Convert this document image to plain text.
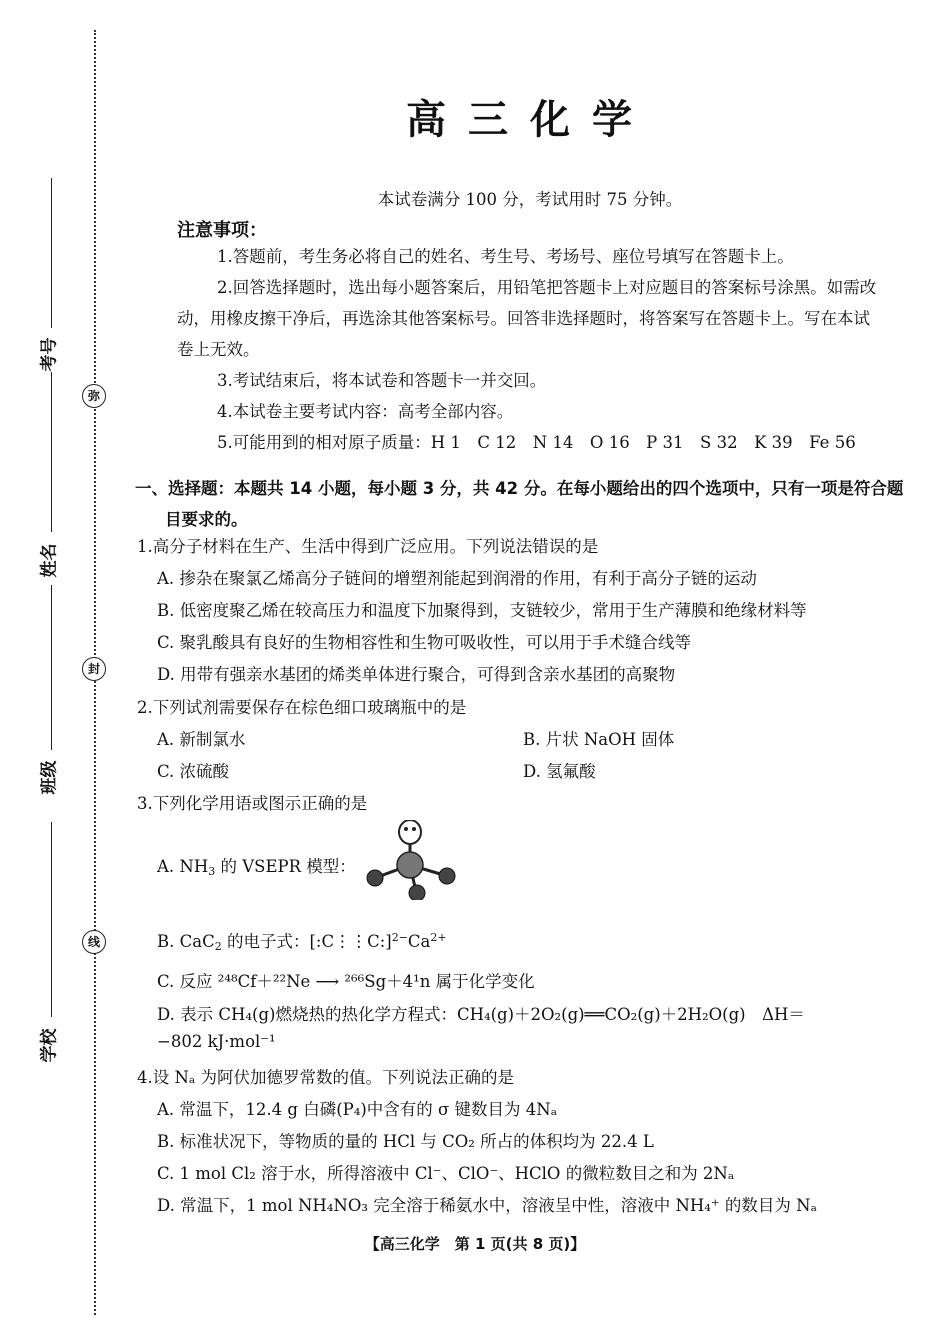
考号
姓名
班级
学校
弥
封
线
高三化学
本试卷满分 100 分，考试用时 75 分钟。
注意事项：

1.答题前，考生务必将自己的姓名、考生号、考场号、座位号填写在答题卡上。

2.回答选择题时，选出每小题答案后，用铅笔把答题卡上对应题目的答案标号涂黑。如需改动，用橡皮擦干净后，再选涂其他答案标号。回答非选择题时，将答案写在答题卡上。写在本试卷上无效。

3.考试结束后，将本试卷和答题卡一并交回。

4.本试卷主要考试内容：高考全部内容。

5.可能用到的相对原子质量：H 1　C 12　N 14　O 16　P 31　S 32　K 39　Fe 56

一、选择题：本题共 14 小题，每小题 3 分，共 42 分。在每小题给出的四个选项中，只有一项是符合题目要求的。
1.高分子材料在生产、生活中得到广泛应用。下列说法错误的是
A. 掺杂在聚氯乙烯高分子链间的增塑剂能起到润滑的作用，有利于高分子链的运动
B. 低密度聚乙烯在较高压力和温度下加聚得到，支链较少，常用于生产薄膜和绝缘材料等
C. 聚乳酸具有良好的生物相容性和生物可吸收性，可以用于手术缝合线等
D. 用带有强亲水基团的烯类单体进行聚合，可得到含亲水基团的高聚物
2.下列试剂需要保存在棕色细口玻璃瓶中的是
A. 新制氯水	B. 片状 NaOH 固体
C. 浓硫酸	D. 氢氟酸
3.下列化学用语或图示正确的是
A. $NH_3$ 的 VSEPR 模型：
B. CaC$_2$ 的电子式：$[:C⋮⋮C:]^{2-}Ca^{2+}$
C. 反应 ²⁴⁸Cf＋²²Ne ⟶ ²⁶⁶Sg＋4¹n 属于化学变化
D. 表示 CH₄(g)燃烧热的热化学方程式：CH₄(g)＋2O₂(g)══CO₂(g)＋2H₂O(g)　ΔH＝
−802 kJ·mol⁻¹
4.设 Nₐ 为阿伏加德罗常数的值。下列说法正确的是
A. 常温下，12.4 g 白磷(P₄)中含有的 σ 键数目为 4Nₐ
B. 标准状况下，等物质的量的 HCl 与 CO₂ 所占的体积均为 22.4 L
C. 1 mol Cl₂ 溶于水，所得溶液中 Cl⁻、ClO⁻、HClO 的微粒数目之和为 2Nₐ
D. 常温下，1 mol NH₄NO₃ 完全溶于稀氨水中，溶液呈中性，溶液中 NH₄⁺ 的数目为 Nₐ
【高三化学　第 1 页(共 8 页)】
